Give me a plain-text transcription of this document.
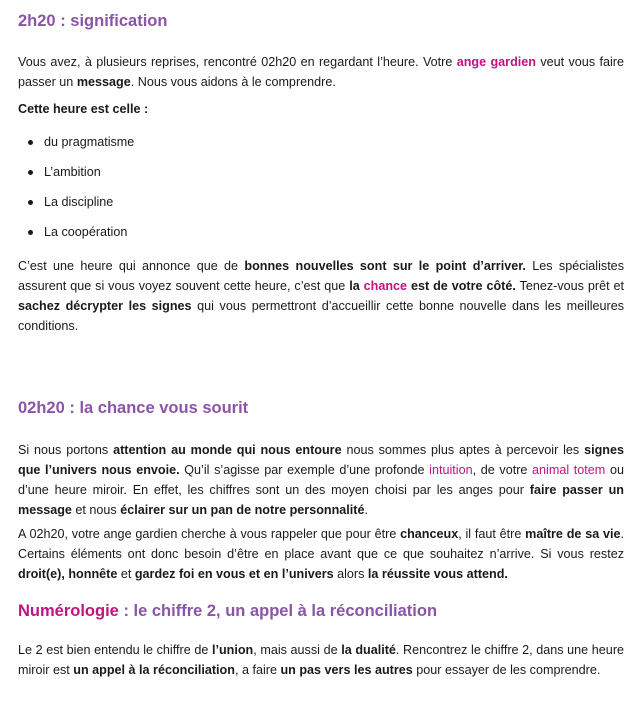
2h20 : signification

Vous avez, à plusieurs reprises, rencontré 02h20 en regardant l’heure. Votre ange gardien veut vous faire passer un message. Nous vous aidons à le comprendre.

Cette heure est celle :

du pragmatisme
L’ambition
La discipline
La coopération

C’est une heure qui annonce que de bonnes nouvelles sont sur le point d’arriver. Les spécialistes assurent que si vous voyez souvent cette heure, c’est que la chance est de votre côté. Tenez-vous prêt et sachez décrypter les signes qui vous permettront d’accueillir cette bonne nouvelle dans les meilleures conditions.

02h20 : la chance vous sourit

Si nous portons attention au monde qui nous entoure nous sommes plus aptes à percevoir les signes que l’univers nous envoie. Qu’il s’agisse par exemple d’une profonde intuition, de votre animal totem ou d’une heure miroir. En effet, les chiffres sont un des moyen choisi par les anges pour faire passer un message et nous éclairer sur un pan de notre personnalité.

A 02h20, votre ange gardien cherche à vous rappeler que pour être chanceux, il faut être maître de sa vie. Certains éléments ont donc besoin d’être en place avant que ce que souhaitez n’arrive. Si vous restez droit(e), honnête et gardez foi en vous et en l’univers alors la réussite vous attend.

Numérologie : le chiffre 2, un appel à la réconciliation

Le 2 est bien entendu le chiffre de l’union, mais aussi de la dualité. Rencontrez le chiffre 2, dans une heure miroir est un appel à la réconciliation, a faire un pas vers les autres pour essayer de les comprendre.
